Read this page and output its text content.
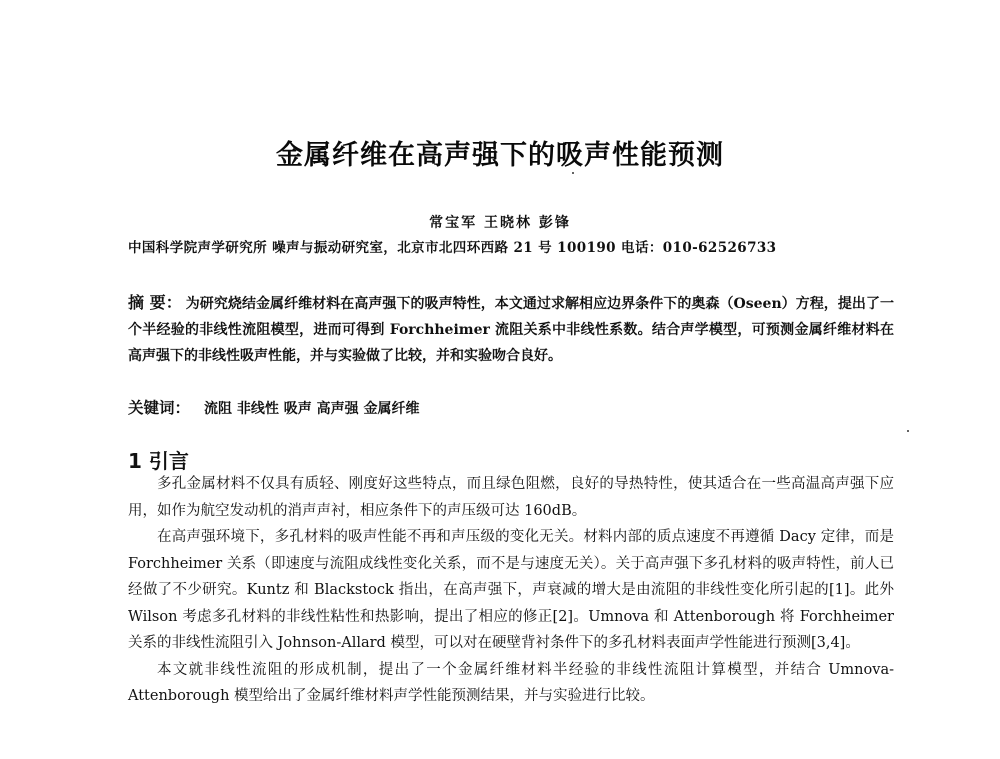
金属纤维在高声强下的吸声性能预测
常宝军 王晓林 彭锋
中国科学院声学研究所 噪声与振动研究室，北京市北四环西路 21 号 100190 电话：010-62526733
摘 要： 为研究烧结金属纤维材料在高声强下的吸声特性，本文通过求解相应边界条件下的奥森（Oseen）方程，提出了一个半经验的非线性流阻模型，进而可得到 Forchheimer 流阻关系中非线性系数。结合声学模型，可预测金属纤维材料在高声强下的非线性吸声性能，并与实验做了比较，并和实验吻合良好。
关键词： 流阻 非线性 吸声 高声强 金属纤维
1 引言

多孔金属材料不仅具有质轻、刚度好这些特点，而且绿色阻燃，良好的导热特性，使其适合在一些高温高声强下应用，如作为航空发动机的消声声衬，相应条件下的声压级可达 160dB。

在高声强环境下，多孔材料的吸声性能不再和声压级的变化无关。材料内部的质点速度不再遵循 Dacy 定律，而是 Forchheimer 关系（即速度与流阻成线性变化关系，而不是与速度无关）。关于高声强下多孔材料的吸声特性，前人已经做了不少研究。Kuntz 和 Blackstock 指出，在高声强下，声衰减的增大是由流阻的非线性变化所引起的[1]。此外 Wilson 考虑多孔材料的非线性粘性和热影响，提出了相应的修正[2]。Umnova 和 Attenborough 将 Forchheimer 关系的非线性流阻引入 Johnson-Allard 模型，可以对在硬壁背衬条件下的多孔材料表面声学性能进行预测[3,4]。

本文就非线性流阻的形成机制，提出了一个金属纤维材料半经验的非线性流阻计算模型，并结合 Umnova-Attenborough 模型给出了金属纤维材料声学性能预测结果，并与实验进行比较。
